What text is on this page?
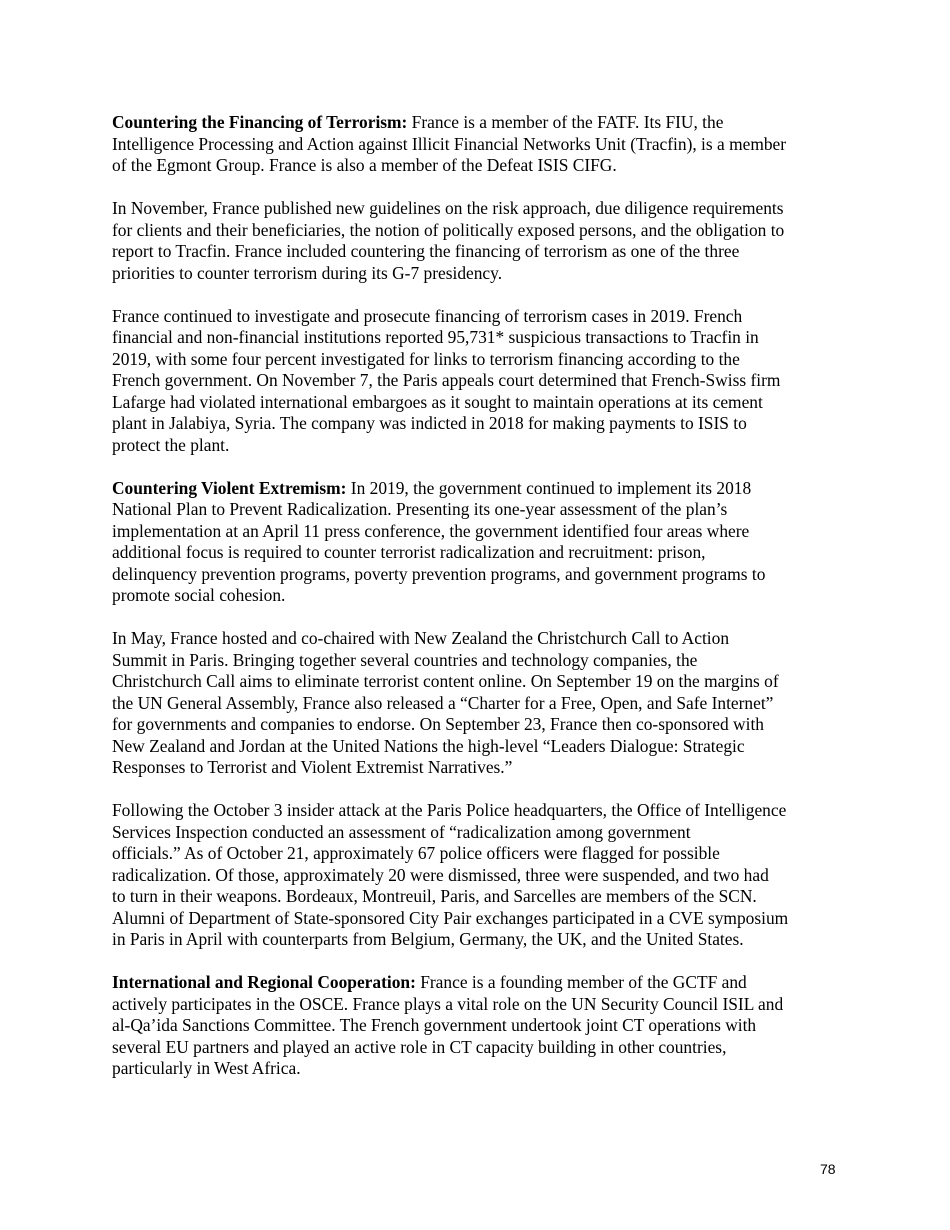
Countering the Financing of Terrorism: France is a member of the FATF. Its FIU, the
Intelligence Processing and Action against Illicit Financial Networks Unit (Tracfin), is a member
of the Egmont Group. France is also a member of the Defeat ISIS CIFG.

In November, France published new guidelines on the risk approach, due diligence requirements
for clients and their beneficiaries, the notion of politically exposed persons, and the obligation to
report to Tracfin. France included countering the financing of terrorism as one of the three
priorities to counter terrorism during its G-7 presidency.

France continued to investigate and prosecute financing of terrorism cases in 2019. French
financial and non-financial institutions reported 95,731* suspicious transactions to Tracfin in
2019, with some four percent investigated for links to terrorism financing according to the
French government. On November 7, the Paris appeals court determined that French-Swiss firm
Lafarge had violated international embargoes as it sought to maintain operations at its cement
plant in Jalabiya, Syria. The company was indicted in 2018 for making payments to ISIS to
protect the plant.

Countering Violent Extremism: In 2019, the government continued to implement its 2018
National Plan to Prevent Radicalization. Presenting its one-year assessment of the plan’s
implementation at an April 11 press conference, the government identified four areas where
additional focus is required to counter terrorist radicalization and recruitment: prison,
delinquency prevention programs, poverty prevention programs, and government programs to
promote social cohesion.

In May, France hosted and co-chaired with New Zealand the Christchurch Call to Action
Summit in Paris. Bringing together several countries and technology companies, the
Christchurch Call aims to eliminate terrorist content online. On September 19 on the margins of
the UN General Assembly, France also released a “Charter for a Free, Open, and Safe Internet”
for governments and companies to endorse. On September 23, France then co-sponsored with
New Zealand and Jordan at the United Nations the high-level “Leaders Dialogue: Strategic
Responses to Terrorist and Violent Extremist Narratives.”

Following the October 3 insider attack at the Paris Police headquarters, the Office of Intelligence
Services Inspection conducted an assessment of “radicalization among government
officials.” As of October 21, approximately 67 police officers were flagged for possible
radicalization. Of those, approximately 20 were dismissed, three were suspended, and two had
to turn in their weapons. Bordeaux, Montreuil, Paris, and Sarcelles are members of the SCN.
Alumni of Department of State-sponsored City Pair exchanges participated in a CVE symposium
in Paris in April with counterparts from Belgium, Germany, the UK, and the United States.

International and Regional Cooperation: France is a founding member of the GCTF and
actively participates in the OSCE. France plays a vital role on the UN Security Council ISIL and
al-Qa’ida Sanctions Committee. The French government undertook joint CT operations with
several EU partners and played an active role in CT capacity building in other countries,
particularly in West Africa.

78
